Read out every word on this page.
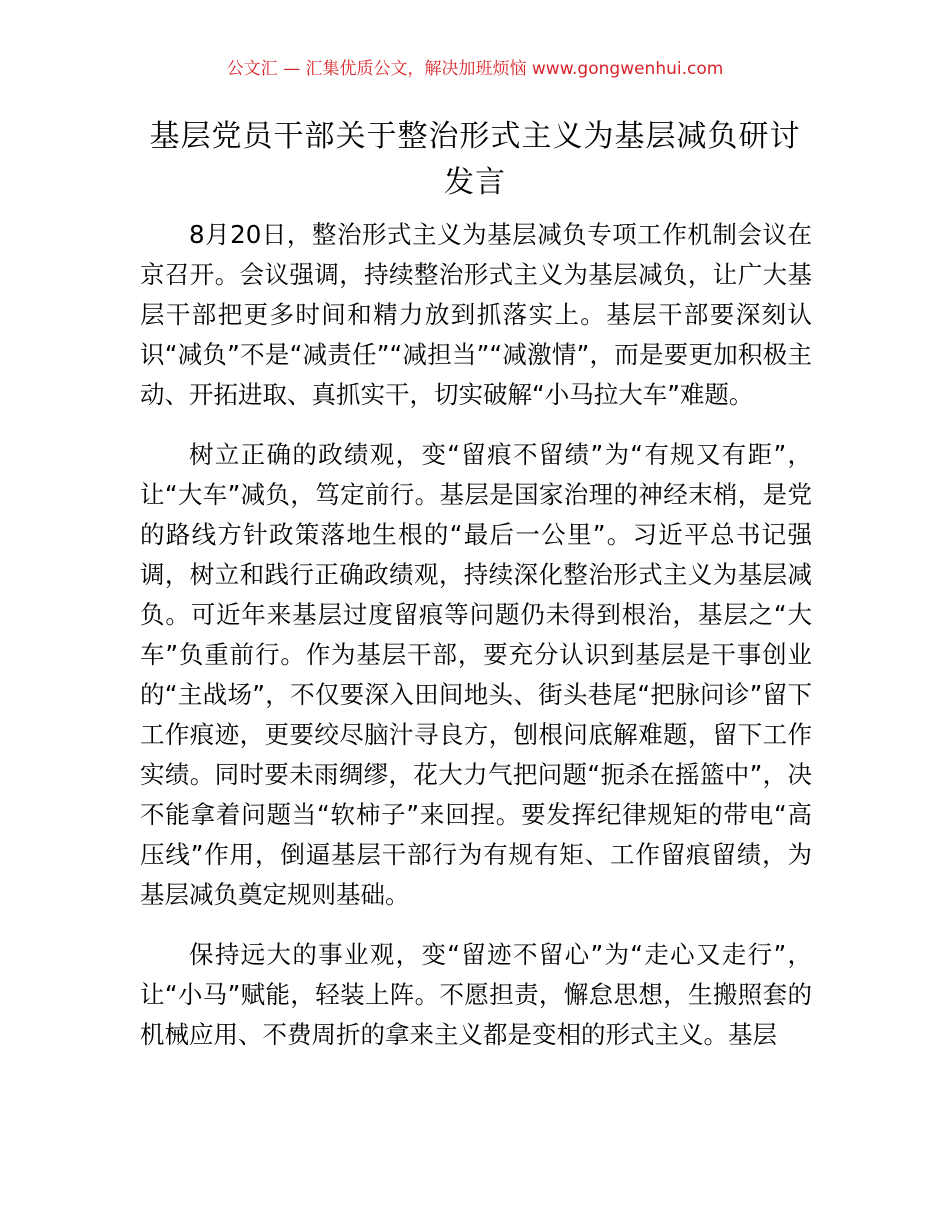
公文汇 — 汇集优质公文，解决加班烦恼 www.gongwenhui.com
基层党员干部关于整治形式主义为基层减负研讨发言

8月20日，整治形式主义为基层减负专项工作机制会议在京召开。会议强调，持续整治形式主义为基层减负，让广大基层干部把更多时间和精力放到抓落实上。基层干部要深刻认识“减负”不是“减责任”“减担当”“减激情”，而是要更加积极主动、开拓进取、真抓实干，切实破解“小马拉大车”难题。

树立正确的政绩观，变“留痕不留绩”为“有规又有距”，让“大车”减负，笃定前行。基层是国家治理的神经末梢，是党的路线方针政策落地生根的“最后一公里”。习近平总书记强调，树立和践行正确政绩观，持续深化整治形式主义为基层减负。可近年来基层过度留痕等问题仍未得到根治，基层之“大车”负重前行。作为基层干部，要充分认识到基层是干事创业的“主战场”，不仅要深入田间地头、街头巷尾“把脉问诊”留下工作痕迹，更要绞尽脑汁寻良方，刨根问底解难题，留下工作实绩。同时要未雨绸缪，花大力气把问题“扼杀在摇篮中”，决不能拿着问题当“软柿子”来回捏。要发挥纪律规矩的带电“高压线”作用，倒逼基层干部行为有规有矩、工作留痕留绩，为基层减负奠定规则基础。

保持远大的事业观，变“留迹不留心”为“走心又走行”，让“小马”赋能，轻装上阵。不愿担责，懈怠思想，生搬照套的机械应用、不费周折的拿来主义都是变相的形式主义。基层
